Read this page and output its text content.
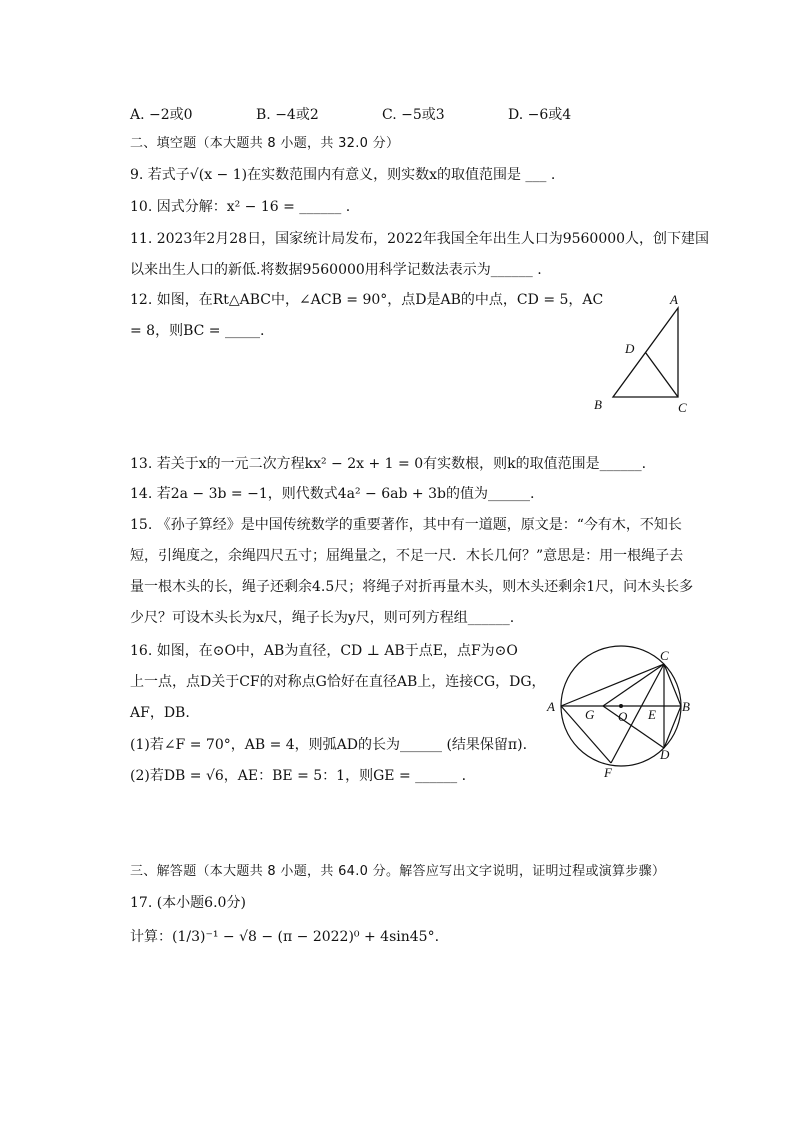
A. −2或0	B. −4或2	C. −5或3	D. −6或4
二、填空题（本大题共 8 小题，共 32.0 分）
9. 若式子√(x − 1)在实数范围内有意义，则实数x的取值范围是 ___ .
10. 因式分解：x² − 16 = ______ .
11. 2023年2月28日，国家统计局发布，2022年我国全年出生人口为9560000人，创下建国
以来出生人口的新低.将数据9560000用科学记数法表示为______ .
12. 如图，在Rt△ABC中，∠ACB = 90°，点D是AB的中点，CD = 5，AC
= 8，则BC = _____.
A
B	C
D
13. 若关于x的一元二次方程kx² − 2x + 1 = 0有实数根，则k的取值范围是______.
14. 若2a − 3b = −1，则代数式4a² − 6ab + 3b的值为______.
15. 《孙子算经》是中国传统数学的重要著作，其中有一道题，原文是：“今有木，不知长
短，引绳度之，余绳四尺五寸；屈绳量之，不足一尺．木长几何？”意思是：用一根绳子去
量一根木头的长，绳子还剩余4.5尺；将绳子对折再量木头，则木头还剩余1尺，问木头长多
少尺？可设木头长为x尺，绳子长为y尺，则可列方程组______.
16. 如图，在⊙O中，AB为直径，CD ⊥ AB于点E，点F为⊙O
上一点，点D关于CF的对称点G恰好在直径AB上，连接CG，DG，
AF，DB.
(1)若∠F = 70°，AB = 4，则弧AD的长为______ (结果保留π).
(2)若DB = √6，AE：BE = 5：1，则GE = ______ .
A	B
C
D
E
F
G O
三、解答题（本大题共 8 小题，共 64.0 分。解答应写出文字说明，证明过程或演算步骤）
17. (本小题6.0分)
计算：(1/3)⁻¹ − √8 − (π − 2022)⁰ + 4sin45°.
